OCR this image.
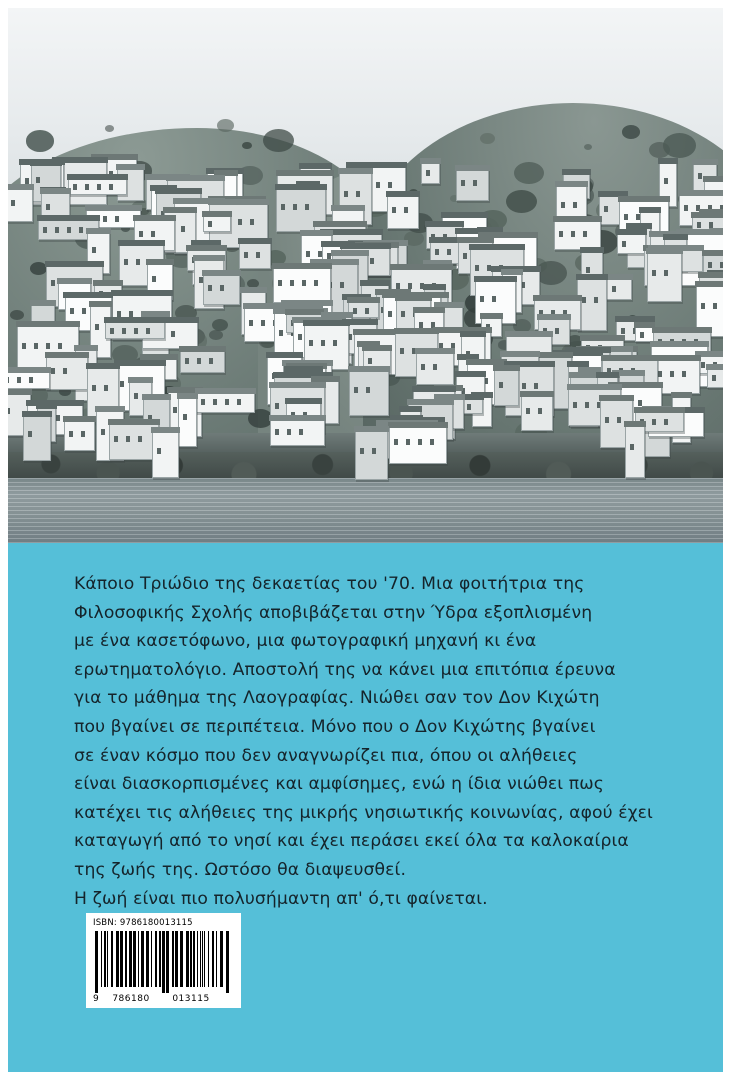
Κάποιο Τριώδιο της δεκαετίας του '70. Μια φοιτήτρια της

Φιλοσοφικής Σχολής αποβιβάζεται στην Ύδρα εξοπλισμένη

με ένα κασετόφωνο, μια φωτογραφική μηχανή κι ένα

ερωτηματολόγιο. Αποστολή της να κάνει μια επιτόπια έρευνα

για το μάθημα της Λαογραφίας. Νιώθει σαν τον Δον Κιχώτη

που βγαίνει σε περιπέτεια. Μόνο που ο Δον Κιχώτης βγαίνει

σε έναν κόσμο που δεν αναγνωρίζει πια, όπου οι αλήθειες

είναι διασκορπισμένες και αμφίσημες, ενώ η ίδια νιώθει πως

κατέχει τις αλήθειες της μικρής νησιωτικής κοινωνίας, αφού έχει

καταγωγή από το νησί και έχει περάσει εκεί όλα τα καλοκαίρια

της ζωής της. Ωστόσο θα διαψευσθεί.

Η ζωή είναι πιο πολυσήμαντη απ' ό,τι φαίνεται.

ISBN: 9786180013115
9	786180	013115
